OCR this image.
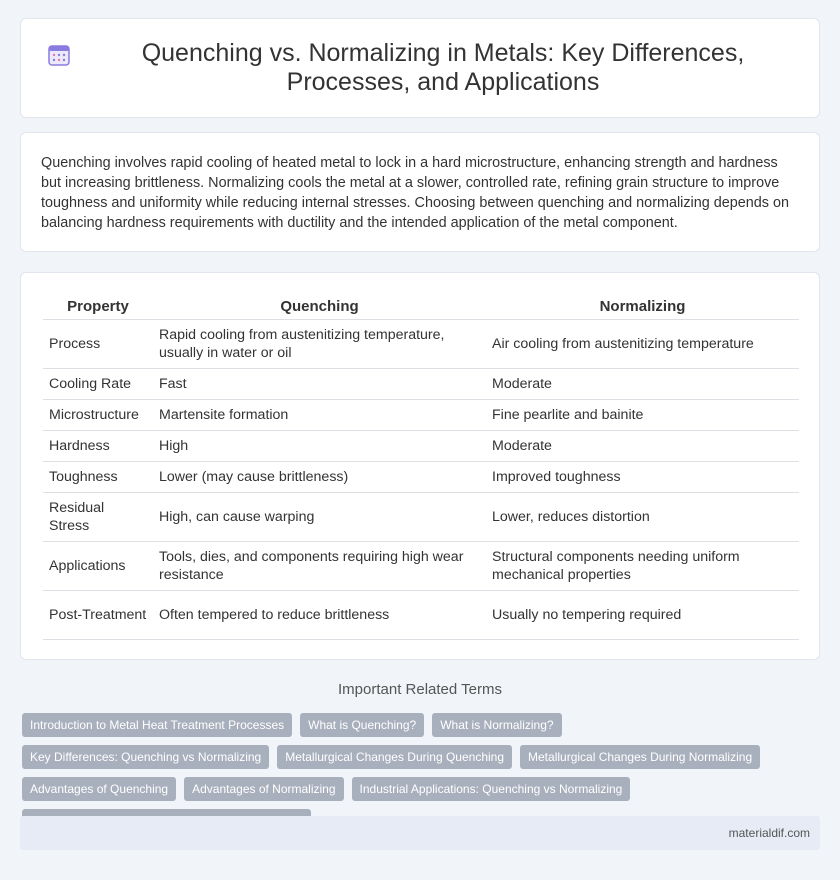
Quenching vs. Normalizing in Metals: Key Differences, Processes, and Applications

Quenching involves rapid cooling of heated metal to lock in a hard microstructure, enhancing strength and hardness but increasing brittleness. Normalizing cools the metal at a slower, controlled rate, refining grain structure to improve toughness and uniformity while reducing internal stresses. Choosing between quenching and normalizing depends on balancing hardness requirements with ductility and the intended application of the metal component.

Property	Quenching	Normalizing
Process	Rapid cooling from austenitizing temperature, usually in water or oil	Air cooling from austenitizing temperature
Cooling Rate	Fast	Moderate
Microstructure	Martensite formation	Fine pearlite and bainite
Hardness	High	Moderate
Toughness	Lower (may cause brittleness)	Improved toughness
Residual Stress	High, can cause warping	Lower, reduces distortion
Applications	Tools, dies, and components requiring high wear resistance	Structural components needing uniform mechanical properties
Post-Treatment	Often tempered to reduce brittleness	Usually no tempering required
Important Related Terms
Introduction to Metal Heat Treatment Processes	What is Quenching?	What is Normalizing?
Key Differences: Quenching vs Normalizing	Metallurgical Changes During Quenching	Metallurgical Changes During Normalizing
Advantages of Quenching	Advantages of Normalizing	Industrial Applications: Quenching vs Normalizing
materialdif.com
